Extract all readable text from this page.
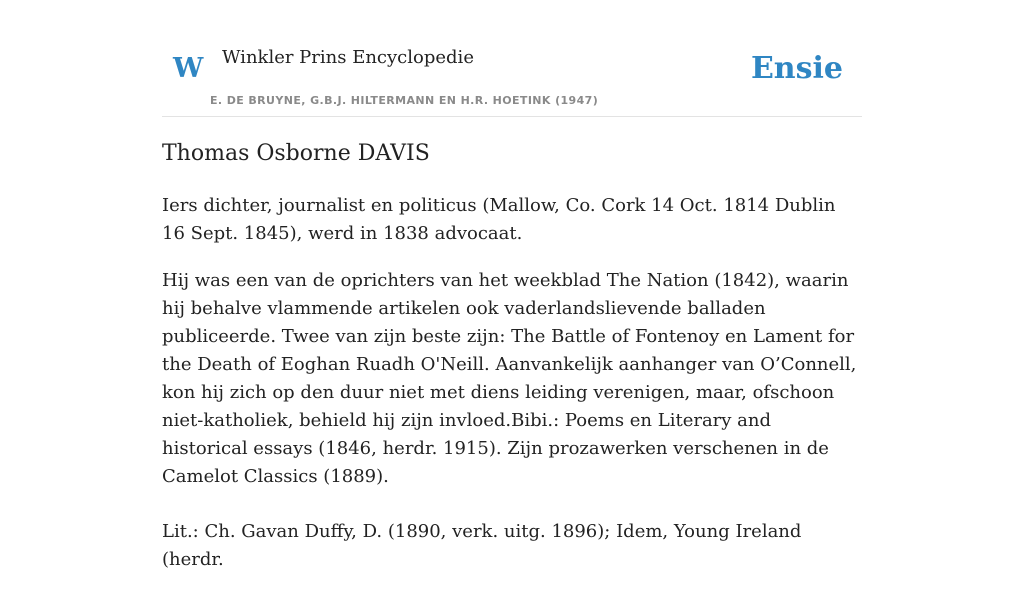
W Winkler Prins Encyclopedie
E. DE BRUYNE, G.B.J. HILTERMANN EN H.R. HOETINK (1947)
Ensie
Thomas Osborne DAVIS

Iers dichter, journalist en politicus (Mallow, Co. Cork 14 Oct. 1814 Dublin 16 Sept. 1845), werd in 1838 advocaat.

Hij was een van de oprichters van het weekblad The Nation (1842), waarin hij behalve vlammende artikelen ook vaderlandslievende balladen publiceerde. Twee van zijn beste zijn: The Battle of Fontenoy en Lament for the Death of Eoghan Ruadh O'Neill. Aanvankelijk aanhanger van O’Connell, kon hij zich op den duur niet met diens leiding verenigen, maar, ofschoon niet-katholiek, behield hij zijn invloed.Bibi.: Poems en Literary and historical essays (1846, herdr. 1915). Zijn prozawerken verschenen in de Camelot Classics (1889).

Lit.: Ch. Gavan Duffy, D. (1890, verk. uitg. 1896); Idem, Young Ireland (herdr.
